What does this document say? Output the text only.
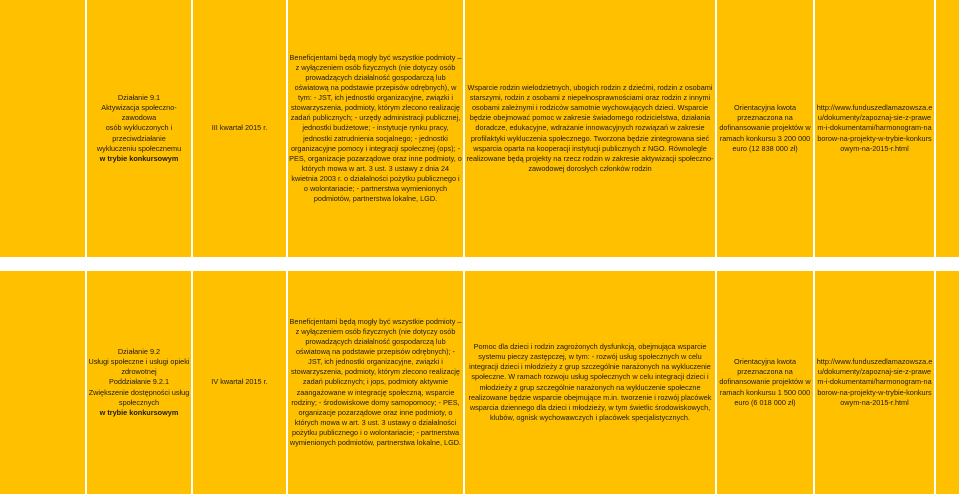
Działanie 9.1
Aktywizacja społeczno-zawodowa
osób wykluczonych i przeciwdziałanie
wykluczeniu społecznemu
w trybie konkursowym
III kwartał 2015 r.
Beneficjentami będą mogły być wszystkie podmioty – z wyłączeniem osób fizycznych (nie dotyczy osób prowadzących działalność gospodarczą lub oświatową na podstawie przepisów odrębnych), w tym: - JST, ich jednostki organizacyjne, związki i stowarzyszenia, podmioty, którym zlecono realizację zadań publicznych; - urzędy administracji publicznej, jednostki budżetowe; - instytucje rynku pracy, jednostki zatrudnienia socjalnego; - jednostki organizacyjne pomocy i integracji społecznej (ops); - PES, organizacje pozarządowe oraz inne podmioty, o których mowa w art. 3 ust. 3 ustawy z dnia 24 kwietnia 2003 r. o działalności pożytku publicznego i o wolontariacie; - partnerstwa wymienionych podmiotów, partnerstwa lokalne, LGD.
Wsparcie rodzin wielodzietnych, ubogich rodzin z dziećmi, rodzin z osobami starszymi, rodzin z osobami z niepełnosprawnościami oraz rodzin z innymi osobami zależnymi i rodziców samotnie wychowujących dzieci. Wsparcie będzie obejmować pomoc w zakresie świadomego rodzicielstwa, działania doradcze, edukacyjne, wdrażanie innowacyjnych rozwiązań w zakresie profilaktyki wykluczenia społecznego. Tworzona będzie zintegrowana sieć wsparcia oparta na kooperacji instytucji publicznych z NGO. Równolegle realizowane będą projekty na rzecz rodzin w zakresie aktywizacji społeczno-zawodowej dorosłych członków rodzin
Orientacyjna kwota przeznaczona na dofinansowanie projektów w ramach konkursu 3 200 000 euro (12 838 000 zł)
http://www.funduszedlamazowsza.eu/dokumenty/zapoznaj-sie-z-prawem-i-dokumentami/harmonogram-naborow-na-projekty-w-trybie-konkursowym-na-2015-r.html
Działanie 9.2
Usługi społeczne i usługi opieki
zdrowotnej
Poddziałanie 9.2.1
Zwiększenie dostępności usług
społecznych
w trybie konkursowym
IV kwartał 2015 r.
Beneficjentami będą mogły być wszystkie podmioty – z wyłączeniem osób fizycznych (nie dotyczy osób prowadzących działalność gospodarczą lub oświatową na podstawie przepisów odrębnych); - JST, ich jednostki organizacyjne, związki i stowarzyszenia, podmioty, którym zlecono realizację zadań publicznych; i jops, podmioty aktywnie zaangażowane w integrację społeczną, wsparcie rodziny; - środowiskowe domy samopomocy; - PES, organizacje pozarządowe oraz inne podmioty, o których mowa w art. 3 ust. 3 ustawy o działalności pożytku publicznego i o wolontariacie; - partnerstwa wymienionych podmiotów, partnerstwa lokalne, LGD.
Pomoc dla dzieci i rodzin zagrożonych dysfunkcją, obejmująca wsparcie systemu pieczy zastępczej, w tym: - rozwój usług społecznych w celu integracji dzieci i młodzieży z grup szczególnie narażonych na wykluczenie społeczne. W ramach rozwoju usług społecznych w celu integracji dzieci i młodzieży z grup szczególnie narażonych na wykluczenie społeczne realizowane będzie wsparcie obejmujące m.in. tworzenie i rozwój placówek wsparcia dziennego dla dzieci i młodzieży, w tym świetlic środowiskowych, klubów, ognisk wychowawczych i placówek specjalistycznych.
Orientacyjna kwota przeznaczona na dofinansowanie projektów w ramach konkursu 1 500 000 euro (6 018 000 zł)
http://www.funduszedlamazowsza.eu/dokumenty/zapoznaj-sie-z-prawem-i-dokumentami/harmonogram-naborow-na-projekty-w-trybie-konkursowym-na-2015-r.html
